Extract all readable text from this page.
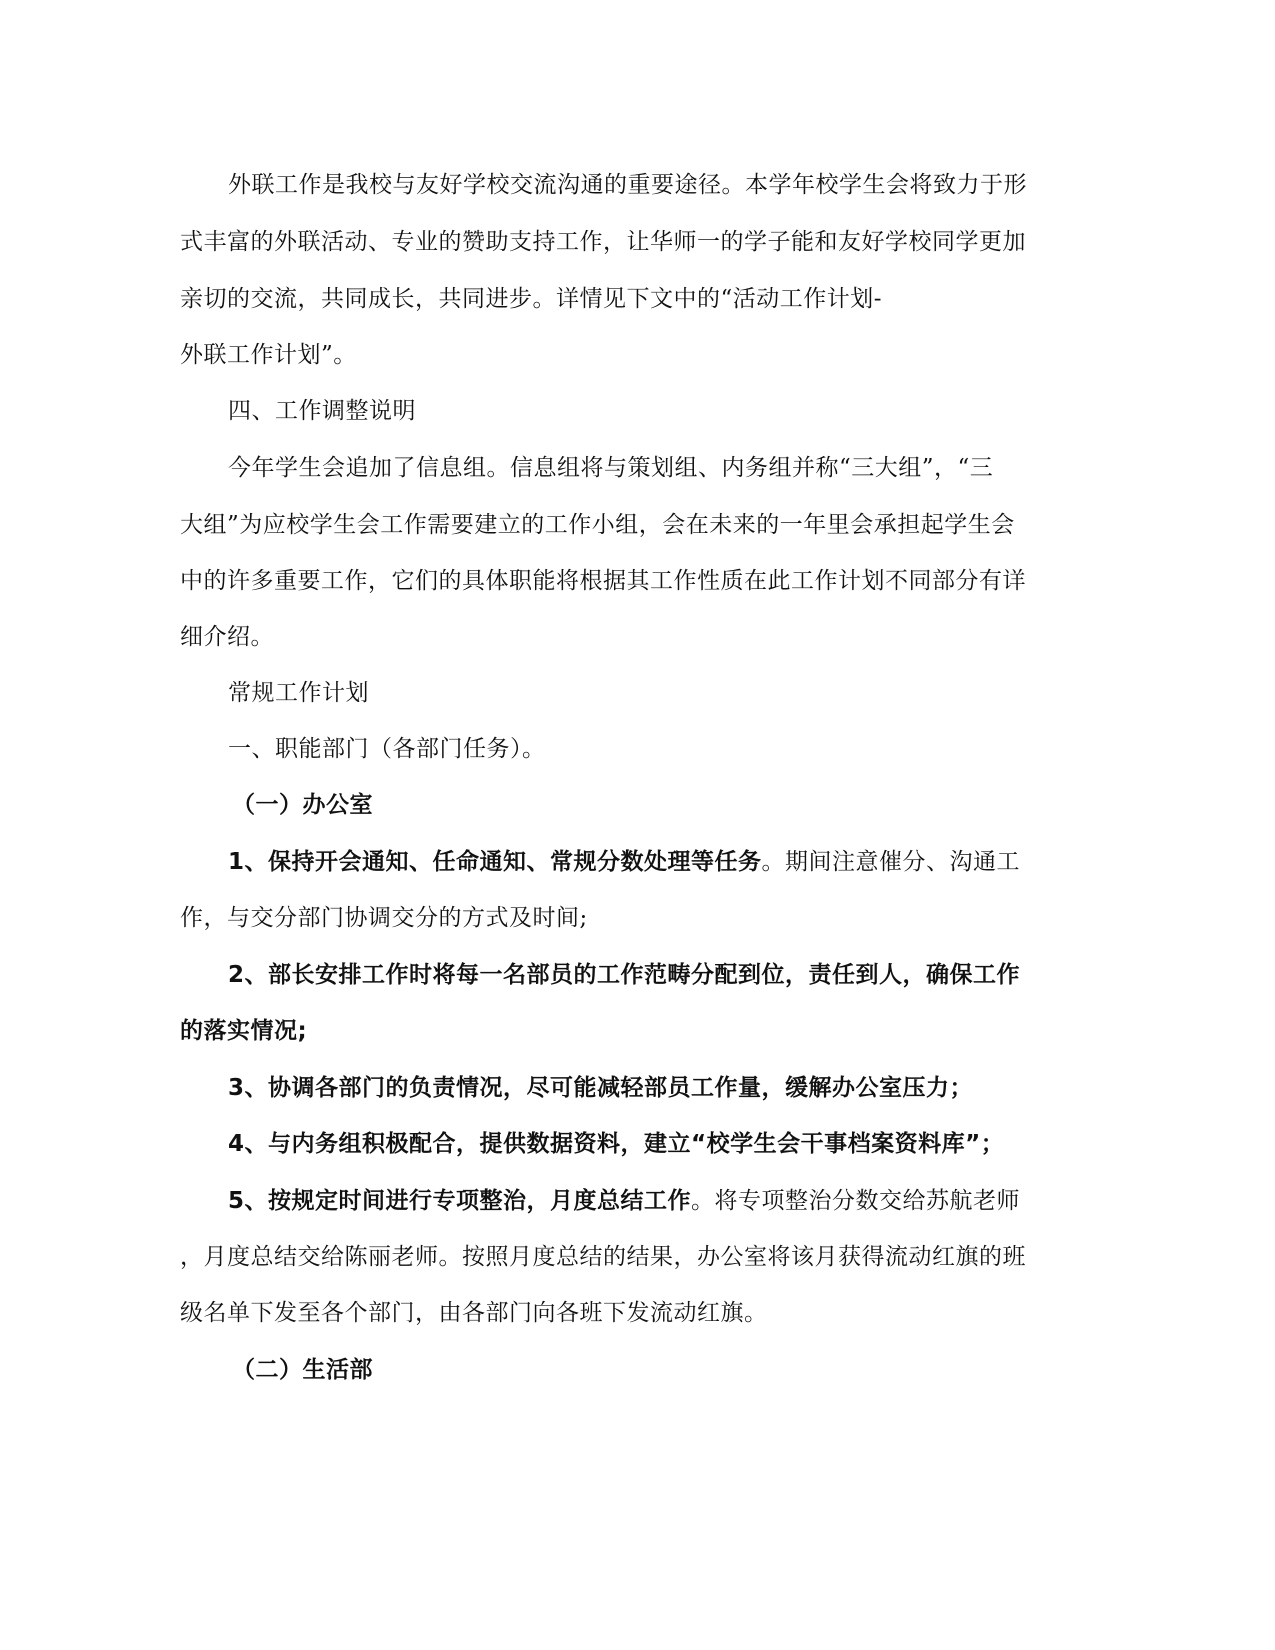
外联工作是我校与友好学校交流沟通的重要途径。本学年校学生会将致力于形
式丰富的外联活动、专业的赞助支持工作，让华师一的学子能和友好学校同学更加
亲切的交流，共同成长，共同进步。详情见下文中的“活动工作计划-
外联工作计划”。
四、工作调整说明
今年学生会追加了信息组。信息组将与策划组、内务组并称“三大组”，“三
大组”为应校学生会工作需要建立的工作小组，会在未来的一年里会承担起学生会
中的许多重要工作，它们的具体职能将根据其工作性质在此工作计划不同部分有详
细介绍。
常规工作计划
一、职能部门（各部门任务）。
（一）办公室
1、保持开会通知、任命通知、常规分数处理等任务。期间注意催分、沟通工
作，与交分部门协调交分的方式及时间;
2、部长安排工作时将每一名部员的工作范畴分配到位，责任到人，确保工作
的落实情况;
3、协调各部门的负责情况，尽可能减轻部员工作量，缓解办公室压力；
4、与内务组积极配合，提供数据资料，建立“校学生会干事档案资料库”；
5、按规定时间进行专项整治，月度总结工作。将专项整治分数交给苏航老师
，月度总结交给陈丽老师。按照月度总结的结果，办公室将该月获得流动红旗的班
级名单下发至各个部门，由各部门向各班下发流动红旗。
（二）生活部
